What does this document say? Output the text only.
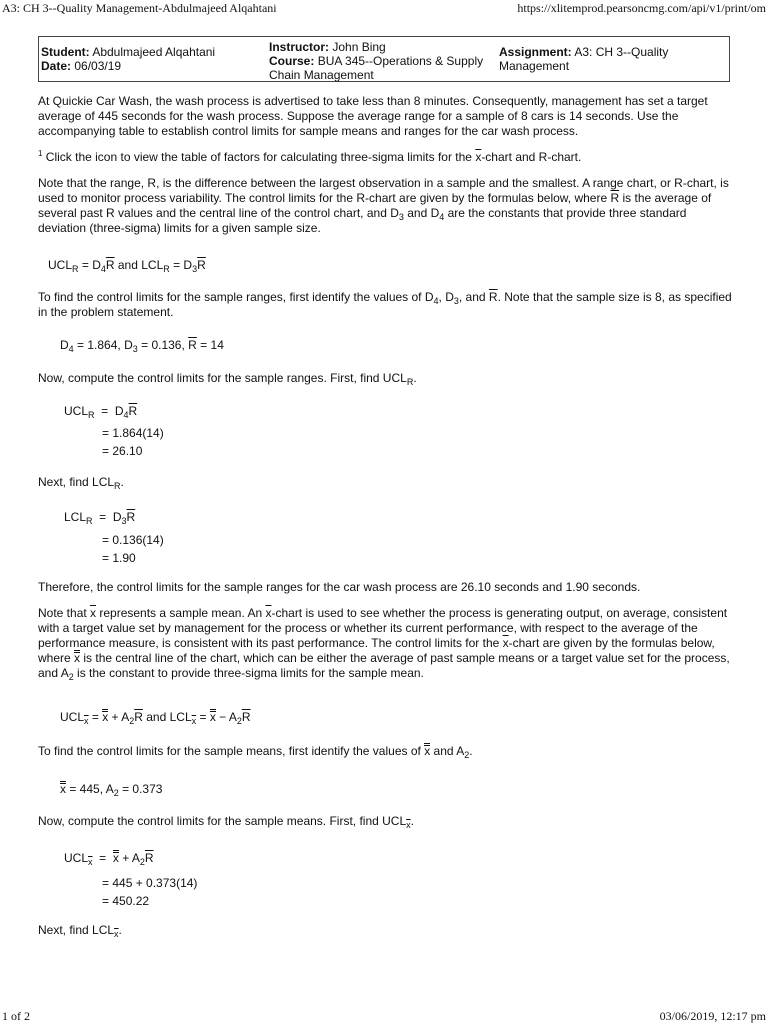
A3: CH 3--Quality Management-Abdulmajeed Alqahtani	https://xlitemprod.pearsoncmg.com/api/v1/print/om
Student: Abdulmajeed Alqahtani
Date: 06/03/19
Instructor: John Bing
Course: BUA 345--Operations & Supply
Chain Management
Assignment: A3: CH 3--Quality
Management

At Quickie Car Wash, the wash process is advertised to take less than 8 minutes. Consequently, management has set a target average of 445 seconds for the wash process. Suppose the average range for a sample of 8 cars is 14 seconds. Use the accompanying table to establish control limits for sample means and ranges for the car wash process.

$^1$ Click the icon to view the table of factors for calculating three-sigma limits for the $\overline{x}$-chart and R-chart.

Note that the range, R, is the difference between the largest observation in a sample and the smallest. A range chart, or R-chart, is used to monitor process variability. The control limits for the R-chart are given by the formulas below, where $\overline{R}$ is the average of several past R values and the central line of the control chart, and $D_3$ and $D_4$ are the constants that provide three standard deviation (three-sigma) limits for a given sample size.

$UCL_R = D_4\overline{R}$ and $LCL_R = D_3\overline{R}$

To find the control limits for the sample ranges, first identify the values of $D_4$, $D_3$, and $\overline{R}$. Note that the sample size is 8, as specified in the problem statement.

$D_4 = 1.864$, $D_3 = 0.136$, $\overline{R} = 14$

Now, compute the control limits for the sample ranges. First, find $UCL_R$.

$UCL_R = D_4\overline{R}$
= 1.864(14)
= 26.10

Next, find $LCL_R$.

$LCL_R = D_3\overline{R}$
= 0.136(14)
= 1.90

Therefore, the control limits for the sample ranges for the car wash process are 26.10 seconds and 1.90 seconds.

Note that $\overline{x}$ represents a sample mean. An $\overline{x}$-chart is used to see whether the process is generating output, on average, consistent with a target value set by management for the process or whether its current performance, with respect to the average of the performance measure, is consistent with its past performance. The control limits for the $\overline{x}$-chart are given by the formulas below, where x is the central line of the chart, which can be either the average of past sample means or a target value set for the process, and $A_2$ is the constant to provide three-sigma limits for the sample mean.

$UCL_{\overline{x}} = x + A_2\overline{R}$ and $LCL_{\overline{x}} = x - A_2\overline{R}$

To find the control limits for the sample means, first identify the values of x and $A_2$.

x = 445, $A_2 = 0.373$

Now, compute the control limits for the sample means. First, find $UCL_{\overline{x}}$.

$UCL_{\overline{x}} = x + A_2\overline{R}$
= 445 + 0.373(14)
= 450.22

Next, find $LCL_{\overline{x}}$.

1 of 2	03/06/2019, 12:17 pm
